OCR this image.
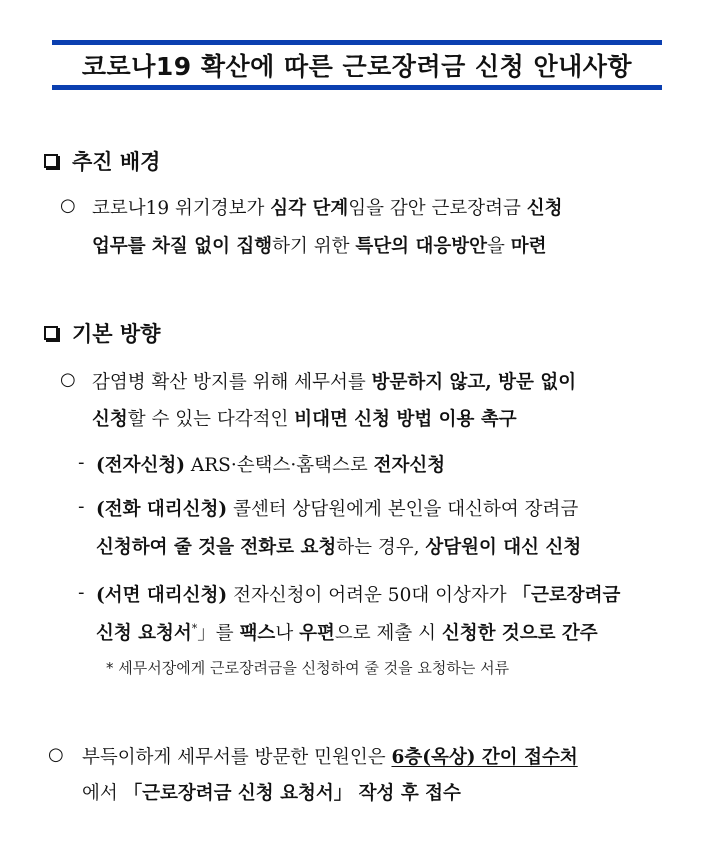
코로나19 확산에 따른 근로장려금 신청 안내사항
추진 배경
○ 코로나19 위기경보가 심각 단계임을 감안 근로장려금 신청
업무를 차질 없이 집행하기 위한 특단의 대응방안을 마련
기본 방향
○ 감염병 확산 방지를 위해 세무서를 방문하지 않고, 방문 없이
신청할 수 있는 다각적인 비대면 신청 방법 이용 촉구
- (전자신청) ARS·손택스·홈택스로 전자신청
- (전화 대리신청) 콜센터 상담원에게 본인을 대신하여 장려금
신청하여 줄 것을 전화로 요청하는 경우, 상담원이 대신 신청
- (서면 대리신청) 전자신청이 어려운 50대 이상자가 「근로장려금
신청 요청서*」를 팩스나 우편으로 제출 시 신청한 것으로 간주
* 세무서장에게 근로장려금을 신청하여 줄 것을 요청하는 서류
○ 부득이하게 세무서를 방문한 민원인은 6층(옥상) 간이 접수처
에서 「근로장려금 신청 요청서」 작성 후 접수
